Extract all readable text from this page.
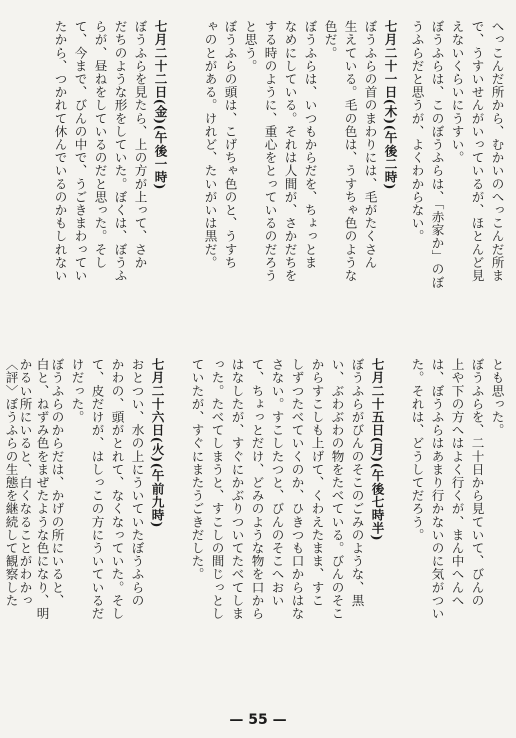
へっこんだ所から、むかいのへっこんだ所ま
で、うすいせんがいっているが、ほとんど見
えないくらいにうすい。
ぼうふらは、このぼうふらは、「赤家か」のぼ
うふらだと思うが、よくわからない。
七月二十一日(木)(午後二時)
ぼうふらの首のまわりには、毛がたくさん
生えている。毛の色は、うすちゃ色のような
色だ。
ぼうふらは、いつもからだを、ちょっとま
なめにしている。それは人間が、さかだちを
する時のように、重心をとっているのだろう
と思う。
ぼうふらの頭は、こげちゃ色のと、うすち
ゃのとがある。けれど、たいがいは黒だ。
七月二十二日(金)(午後一時)
ぼうふらを見たら、上の方が上って、さか
だちのような形をしていた。ぼくは、ぼうふ
らが、昼ねをしているのだと思った。そし
て、今まで、びんの中で、うごきまわってい
たから、つかれて休んでいるのかもしれない
とも思った。
ぼうふらを、二十日から見ていて、びんの
上や下の方へはよく行くが、まん中へんへ
は、ぼうふらはあまり行かないのに気がつい
た。それは、どうしてだろう。
七月二十五日(月)(午後七時半)
ぼうふらがびんのそこのごみのような、黒
い、ぶわぶわの物をたべている。びんのそこ
からすこしも上げて、くわえたまま、すこ
しずつたべていくのか、ひきつも口からはな
さない。すこしたつと、びんのそこへおい
て、ちょっとだけ、どみのような物を口から
はなしたが、すぐにかぶりついてたべてしま
った。たべてしまうと、すこしの間じっとし
ていたが、すぐにまたうごきだした。
七月二十六日(火)(午前九時)
おとつい、水の上にういていたぼうふらの
かわの、頭がとれて、なくなっていた。そし
て、皮だけが、はしっこの方にういているだ
けだった。
ぼうふらのからだは、かげの所にいると、
白と、ねずみ色をまぜたような色になり、明
かるい所にいると、白くなることがわかっ
〈評〉ぼうふらの生態を継続して観察した
— 55 —
